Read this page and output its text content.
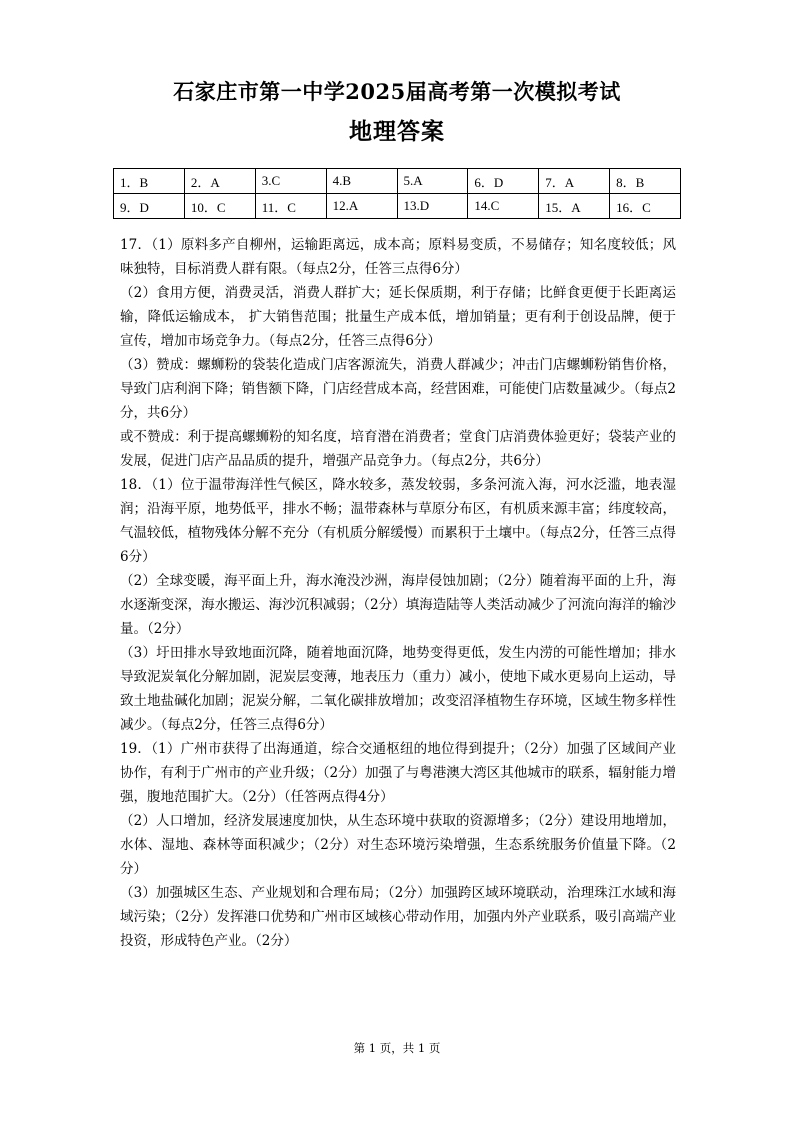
石家庄市第一中学2025届高考第一次模拟考试
地理答案
1．B	2．A	3.C	4.B	5.A	6．D	7．A	8．B
9．D	10．C	11．C	12.A	13.D	14.C	15．A	16．C

17．（1）原料多产自柳州，运输距离远，成本高；原料易变质，不易储存；知名度较低；风味独特，目标消费人群有限。（每点2分，任答三点得6分）

（2）食用方便，消费灵活，消费人群扩大；延长保质期，利于存储；比鲜食更便于长距离运输，降低运输成本， 扩大销售范围；批量生产成本低，增加销量；更有利于创设品牌，便于宣传，增加市场竞争力。（每点2分，任答三点得6分）

（3）赞成：螺蛳粉的袋装化造成门店客源流失，消费人群减少；冲击门店螺蛳粉销售价格，导致门店利润下降；销售额下降，门店经营成本高，经营困难，可能使门店数量减少。（每点2分，共6分）

或不赞成：利于提高螺蛳粉的知名度，培育潜在消费者；堂食门店消费体验更好；袋装产业的发展，促进门店产品品质的提升，增强产品竞争力。（每点2分，共6分）

18．（1）位于温带海洋性气候区，降水较多，蒸发较弱，多条河流入海，河水泛滥，地表湿润；沿海平原，地势低平，排水不畅；温带森林与草原分布区，有机质来源丰富；纬度较高，气温较低，植物残体分解不充分（有机质分解缓慢）而累积于土壤中。（每点2分，任答三点得6分）

（2）全球变暖，海平面上升，海水淹没沙洲，海岸侵蚀加剧；（2分）随着海平面的上升，海水逐渐变深，海水搬运、海沙沉积减弱；（2分）填海造陆等人类活动减少了河流向海洋的输沙量。（2分）

（3）圩田排水导致地面沉降，随着地面沉降，地势变得更低，发生内涝的可能性增加；排水导致泥炭氧化分解加剧，泥炭层变薄，地表压力（重力）减小，使地下咸水更易向上运动，导致土地盐碱化加剧；泥炭分解，二氧化碳排放增加；改变沼泽植物生存环境，区域生物多样性减少。（每点2分，任答三点得6分）

19．（1）广州市获得了出海通道，综合交通枢纽的地位得到提升；（2分）加强了区域间产业协作，有利于广州市的产业升级；（2分）加强了与粤港澳大湾区其他城市的联系，辐射能力增强，腹地范围扩大。（2分）（任答两点得4分）

（2）人口增加，经济发展速度加快，从生态环境中获取的资源增多；（2分）建设用地增加，水体、湿地、森林等面积减少；（2分）对生态环境污染增强，生态系统服务价值量下降。（2分）

（3）加强城区生态、产业规划和合理布局；（2分）加强跨区域环境联动，治理珠江水域和海域污染；（2分）发挥港口优势和广州市区域核心带动作用，加强内外产业联系，吸引高端产业投资，形成特色产业。（2分）

第 1 页，共 1 页
